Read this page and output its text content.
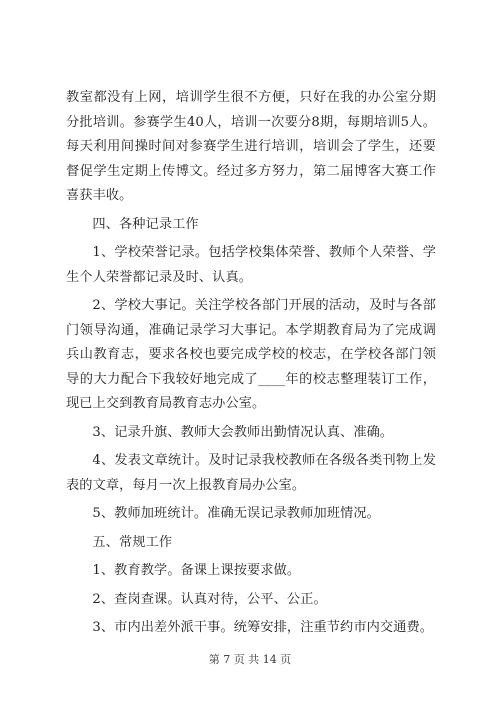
教室都没有上网，培训学生很不方便，只好在我的办公室分期分批培训。参赛学生40人，培训一次要分8期，每期培训5人。每天利用间操时间对参赛学生进行培训，培训会了学生，还要督促学生定期上传博文。经过多方努力，第二届博客大赛工作喜获丰收。

四、各种记录工作

1、学校荣誉记录。包括学校集体荣誉、教师个人荣誉、学生个人荣誉都记录及时、认真。

2、学校大事记。关注学校各部门开展的活动，及时与各部门领导沟通，准确记录学习大事记。本学期教育局为了完成调兵山教育志，要求各校也要完成学校的校志，在学校各部门领导的大力配合下我较好地完成了____年的校志整理装订工作，现已上交到教育局教育志办公室。

3、记录升旗、教师大会教师出勤情况认真、准确。

4、发表文章统计。及时记录我校教师在各级各类刊物上发表的文章，每月一次上报教育局办公室。

5、教师加班统计。准确无误记录教师加班情况。

五、常规工作

1、教育教学。备课上课按要求做。

2、查岗查课。认真对待，公平、公正。

3、市内出差外派干事。统筹安排，注重节约市内交通费。

第 7 页 共 14 页
